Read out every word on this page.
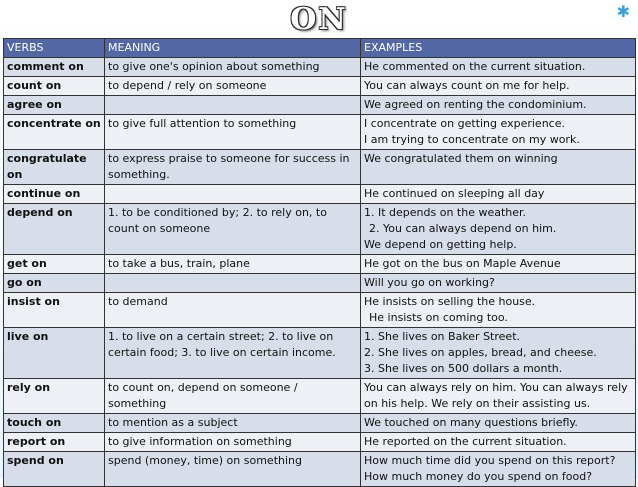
ON	✱
VERBS	MEANING	EXAMPLES
comment on	to give one's opinion about something	He commented on the current situation.

count on	to depend / rely on someone	You can always count on me for help.

agree on		We agreed on renting the condominium.

concentrate on	to give full attention to something	I concentrate on getting experience.
I am trying to concentrate on my work.

congratulate on	to express praise to someone for success in something.	We congratulated them on winning

continue on		He continued on sleeping all day

depend on	1. to be conditioned by; 2. to rely on, to count on someone	1. It depends on the weather.
2. You can always depend on him.
We depend on getting help.

get on	to take a bus, train, plane	He got on the bus on Maple Avenue

go on		Will you go on working?

insist on	to demand	He insists on selling the house.
He insists on coming too.

live on	1. to live on a certain street; 2. to live on certain food; 3. to live on certain income.	1. She lives on Baker Street.
2. She lives on apples, bread, and cheese.
3. She lives on 500 dollars a month.

rely on	to count on, depend on someone / something	You can always rely on him. You can always rely on his help. We rely on their assisting us.

touch on	to mention as a subject	We touched on many questions briefly.

report on	to give information on something	He reported on the current situation.

spend on	spend (money, time) on something	How much time did you spend on this report?
How much money do you spend on food?
